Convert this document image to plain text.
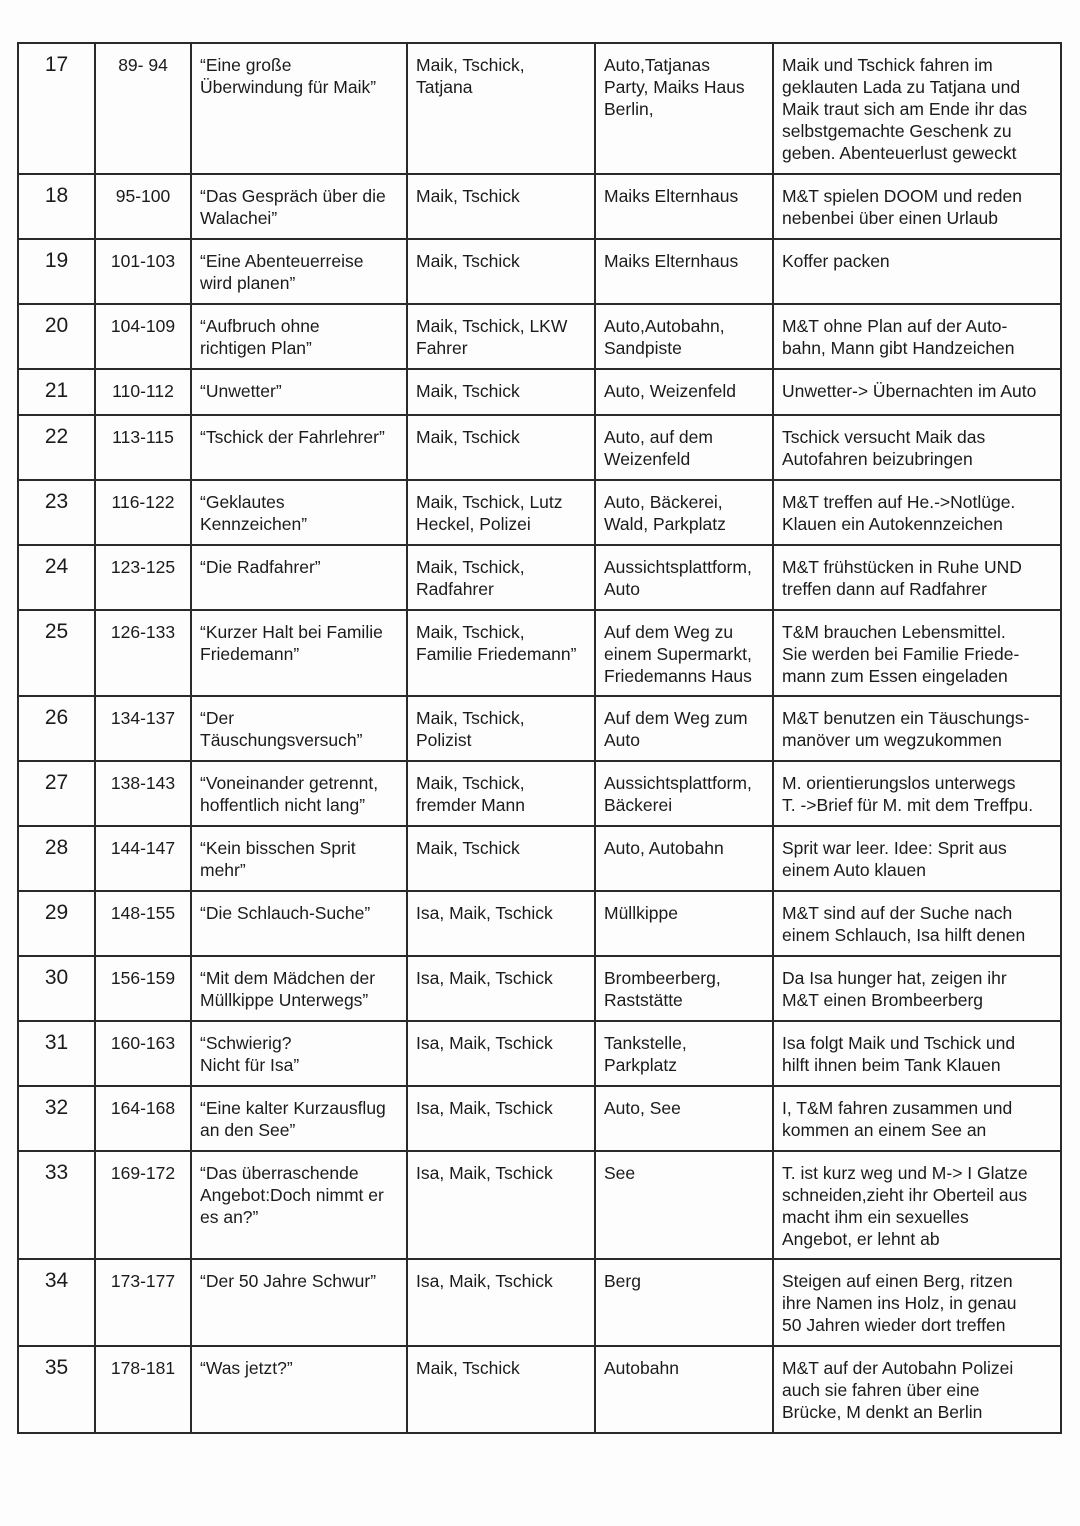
17	89- 94	“Eine große
Überwindung für Maik”	Maik, Tschick,
Tatjana	Auto,Tatjanas
Party, Maiks Haus
Berlin,	Maik und Tschick fahren im
geklauten Lada zu Tatjana und
Maik traut sich am Ende ihr das
selbstgemachte Geschenk zu
geben. Abenteuerlust geweckt
18	95-100	“Das Gespräch über die
Walachei”	Maik, Tschick	Maiks Elternhaus	M&T spielen DOOM und reden
nebenbei über einen Urlaub
19	101-103	“Eine Abenteuerreise
wird planen”	Maik, Tschick	Maiks Elternhaus	Koffer packen
20	104-109	“Aufbruch ohne
richtigen Plan”	Maik, Tschick, LKW
Fahrer	Auto,Autobahn,
Sandpiste	M&T ohne Plan auf der Auto-
bahn, Mann gibt Handzeichen
21	110-112	“Unwetter”	Maik, Tschick	Auto, Weizenfeld	Unwetter-> Übernachten im Auto
22	113-115	“Tschick der Fahrlehrer”	Maik, Tschick	Auto, auf dem
Weizenfeld	Tschick versucht Maik das
Autofahren beizubringen
23	116-122	“Geklautes
Kennzeichen”	Maik, Tschick, Lutz
Heckel, Polizei	Auto, Bäckerei,
Wald, Parkplatz	M&T treffen auf He.->Notlüge.
Klauen ein Autokennzeichen
24	123-125	“Die Radfahrer”	Maik, Tschick,
Radfahrer	Aussichtsplattform,
Auto	M&T frühstücken in Ruhe UND
treffen dann auf Radfahrer
25	126-133	“Kurzer Halt bei Familie
Friedemann”	Maik, Tschick,
Familie Friedemann”	Auf dem Weg zu
einem Supermarkt,
Friedemanns Haus	T&M brauchen Lebensmittel.
Sie werden bei Familie Friede-
mann zum Essen eingeladen
26	134-137	“Der
Täuschungsversuch”	Maik, Tschick,
Polizist	Auf dem Weg zum
Auto	M&T benutzen ein Täuschungs-
manöver um wegzukommen
27	138-143	“Voneinander getrennt,
hoffentlich nicht lang”	Maik, Tschick,
fremder Mann	Aussichtsplattform,
Bäckerei	M. orientierungslos unterwegs
T. ->Brief für M. mit dem Treffpu.
28	144-147	“Kein bisschen Sprit
mehr”	Maik, Tschick	Auto, Autobahn	Sprit war leer. Idee: Sprit aus
einem Auto klauen
29	148-155	“Die Schlauch-Suche”	Isa, Maik, Tschick	Müllkippe	M&T sind auf der Suche nach
einem Schlauch, Isa hilft denen
30	156-159	“Mit dem Mädchen der
Müllkippe Unterwegs”	Isa, Maik, Tschick	Brombeerberg,
Raststätte	Da Isa hunger hat, zeigen ihr
M&T einen Brombeerberg
31	160-163	“Schwierig?
Nicht für Isa”	Isa, Maik, Tschick	Tankstelle,
Parkplatz	Isa folgt Maik und Tschick und
hilft ihnen beim Tank Klauen
32	164-168	“Eine kalter Kurzausflug
an den See”	Isa, Maik, Tschick	Auto, See	I, T&M fahren zusammen und
kommen an einem See an
33	169-172	“Das überraschende
Angebot:Doch nimmt er
es an?”	Isa, Maik, Tschick	See	T. ist kurz weg und M-> I Glatze
schneiden,zieht ihr Oberteil aus
macht ihm ein sexuelles
Angebot, er lehnt ab
34	173-177	“Der 50 Jahre Schwur”	Isa, Maik, Tschick	Berg	Steigen auf einen Berg, ritzen
ihre Namen ins Holz, in genau
50 Jahren wieder dort treffen
35	178-181	“Was jetzt?”	Maik, Tschick	Autobahn	M&T auf der Autobahn Polizei
auch sie fahren über eine
Brücke, M denkt an Berlin
